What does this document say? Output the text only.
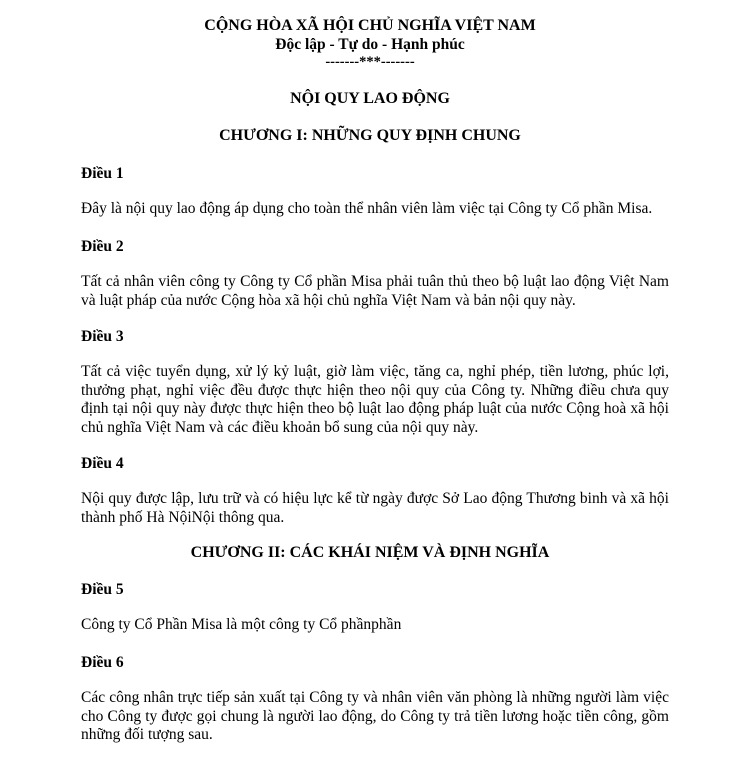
CỘNG HÒA XÃ HỘI CHỦ NGHĨA VIỆT NAM
Độc lập - Tự do - Hạnh phúc
-------***-------
NỘI QUY LAO ĐỘNG
CHƯƠNG I: NHỮNG QUY ĐỊNH CHUNG
Điều 1
Đây là nội quy lao động áp dụng cho toàn thể nhân viên làm việc tại Công ty Cổ phần Misa.
Điều 2
Tất cả nhân viên công ty Công ty Cổ phần Misa phải tuân thủ theo bộ luật lao động Việt Nam và luật pháp của nước Cộng hòa xã hội chủ nghĩa Việt Nam và bản nội quy này.
Điều 3
Tất cả việc tuyển dụng, xử lý kỷ luật, giờ làm việc, tăng ca, nghỉ phép, tiền lương, phúc lợi, thưởng phạt, nghỉ việc đều được thực hiện theo nội quy của Công ty. Những điều chưa quy định tại nội quy này được thực hiện theo bộ luật lao động pháp luật của nước Cộng hoà xã hội chủ nghĩa Việt Nam và các điều khoản bổ sung của nội quy này.
Điều 4
Nội quy được lập, lưu trữ và có hiệu lực kể từ ngày được Sở Lao động Thương binh và xã hội thành phố Hà NộiNội thông qua.
CHƯƠNG II: CÁC KHÁI NIỆM VÀ ĐỊNH NGHĨA
Điều 5
Công ty Cổ Phần Misa là một công ty Cổ phầnphần
Điều 6
Các công nhân trực tiếp sản xuất tại Công ty và nhân viên văn phòng là những người làm việc cho Công ty được gọi chung là người lao động, do Công ty trả tiền lương hoặc tiền công, gồm những đối tượng sau.
